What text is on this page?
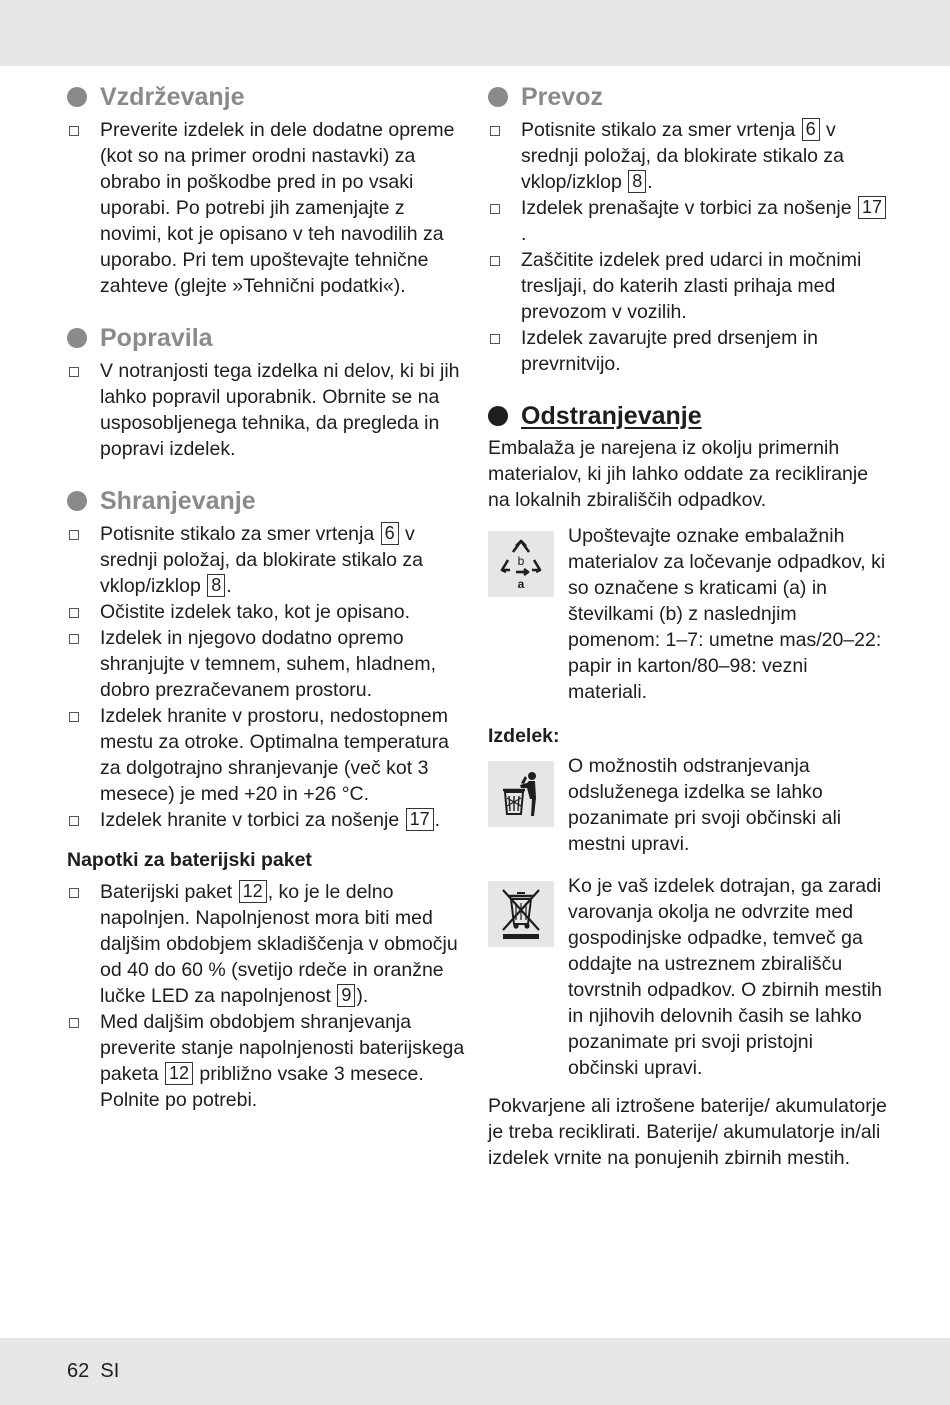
Vzdrževanje
Preverite izdelek in dele dodatne opreme (kot so na primer orodni nastavki) za obrabo in poškodbe pred in po vsaki uporabi. Po potrebi jih zamenjajte z novimi, kot je opisano v teh navodilih za uporabo. Pri tem upoštevajte tehnične zahteve (glejte »Tehnični podatki«).
Popravila
V notranjosti tega izdelka ni delov, ki bi jih lahko popravil uporabnik. Obrnite se na usposobljenega tehnika, da pregleda in popravi izdelek.
Shranjevanje
Potisnite stikalo za smer vrtenja 6 v srednji položaj, da blokirate stikalo za vklop/izklop 8 .
Očistite izdelek tako, kot je opisano.
Izdelek in njegovo dodatno opremo shranjujte v temnem, suhem, hladnem, dobro prezračevanem prostoru.
Izdelek hranite v prostoru, nedostopnem mestu za otroke. Optimalna temperatura za dolgotrajno shranjevanje (več kot 3 mesece) je med +20 in +26 °C.
Izdelek hranite v torbici za nošenje 17 .
Napotki za baterijski paket
Baterijski paket 12 , ko je le delno napolnjen. Napolnjenost mora biti med daljšim obdobjem skladiščenja v območju od 40 do 60 % (svetijo rdeče in oranžne lučke LED za napolnjenost 9 ).
Med daljšim obdobjem shranjevanja preverite stanje napolnjenosti baterijskega paketa 12 približno vsake 3 mesece. Polnite po potrebi.
Prevoz
Potisnite stikalo za smer vrtenja 6 v srednji položaj, da blokirate stikalo za vklop/izklop 8 .
Izdelek prenašajte v torbici za nošenje 17.
Zaščitite izdelek pred udarci in močnimi tresljaji, do katerih zlasti prihaja med prevozom v vozilih.
Izdelek zavarujte pred drsenjem in prevrnitvijo.
Odstranjevanje
Embalaža je narejena iz okolju primernih materialov, ki jih lahko oddate za recikliranje na lokalnih zbirališčih odpadkov.
b
a
Upoštevajte oznake embalažnih materialov za ločevanje odpadkov, ki so označene s kraticami (a) in številkami (b) z naslednjim pomenom: 1–7: umetne mas/20–22: papir in karton/80–98: vezni materiali.
Izdelek:
O možnostih odstranjevanja odsluženega izdelka se lahko pozanimate pri svoji občinski ali mestni upravi.
Ko je vaš izdelek dotrajan, ga zaradi varovanja okolja ne odvrzite med gospodinjske odpadke, temveč ga oddajte na ustreznem zbirališču tovrstnih odpadkov. O zbirnih mestih in njihovih delovnih časih se lahko pozanimate pri svoji pristojni občinski upravi.
Pokvarjene ali iztrošene baterije/ akumulatorje je treba reciklirati. Baterije/ akumulatorje in/ali izdelek vrnite na ponujenih zbirnih mestih.
62 SI
